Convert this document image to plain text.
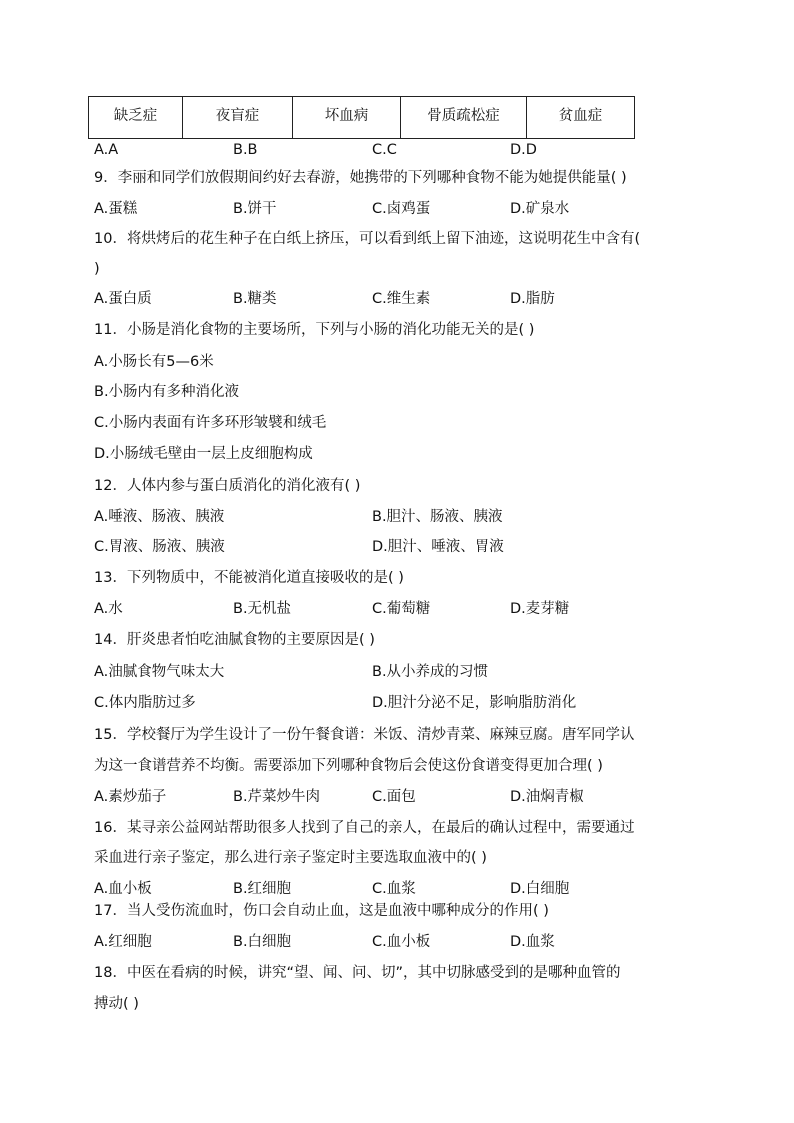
缺乏症	夜盲症	坏血病	骨质疏松症	贫血症
A.A	B.B	C.C	D.D
9．李丽和同学们放假期间约好去春游，她携带的下列哪种食物不能为她提供能量( )
A.蛋糕	B.饼干	C.卤鸡蛋	D.矿泉水
10．将烘烤后的花生种子在白纸上挤压，可以看到纸上留下油迹，这说明花生中含有(
)
A.蛋白质	B.糖类	C.维生素	D.脂肪
11．小肠是消化食物的主要场所，下列与小肠的消化功能无关的是( )
A.小肠长有5—6米
B.小肠内有多种消化液
C.小肠内表面有许多环形皱襞和绒毛
D.小肠绒毛壁由一层上皮细胞构成
12．人体内参与蛋白质消化的消化液有( )
A.唾液、肠液、胰液	B.胆汁、肠液、胰液
C.胃液、肠液、胰液	D.胆汁、唾液、胃液
13．下列物质中，不能被消化道直接吸收的是( )
A.水	B.无机盐	C.葡萄糖	D.麦芽糖
14．肝炎患者怕吃油腻食物的主要原因是( )
A.油腻食物气味太大	B.从小养成的习惯
C.体内脂肪过多	D.胆汁分泌不足，影响脂肪消化
15．学校餐厅为学生设计了一份午餐食谱：米饭、清炒青菜、麻辣豆腐。唐军同学认
为这一食谱营养不均衡。需要添加下列哪种食物后会使这份食谱变得更加合理( )
A.素炒茄子	B.芹菜炒牛肉	C.面包	D.油焖青椒
16．某寻亲公益网站帮助很多人找到了自己的亲人，在最后的确认过程中，需要通过
采血进行亲子鉴定，那么进行亲子鉴定时主要选取血液中的( )
A.血小板	B.红细胞	C.血浆	D.白细胞
17．当人受伤流血时，伤口会自动止血，这是血液中哪种成分的作用( )
A.红细胞	B.白细胞	C.血小板	D.血浆
18．中医在看病的时候，讲究“望、闻、问、切”，其中切脉感受到的是哪种血管的
搏动( )
